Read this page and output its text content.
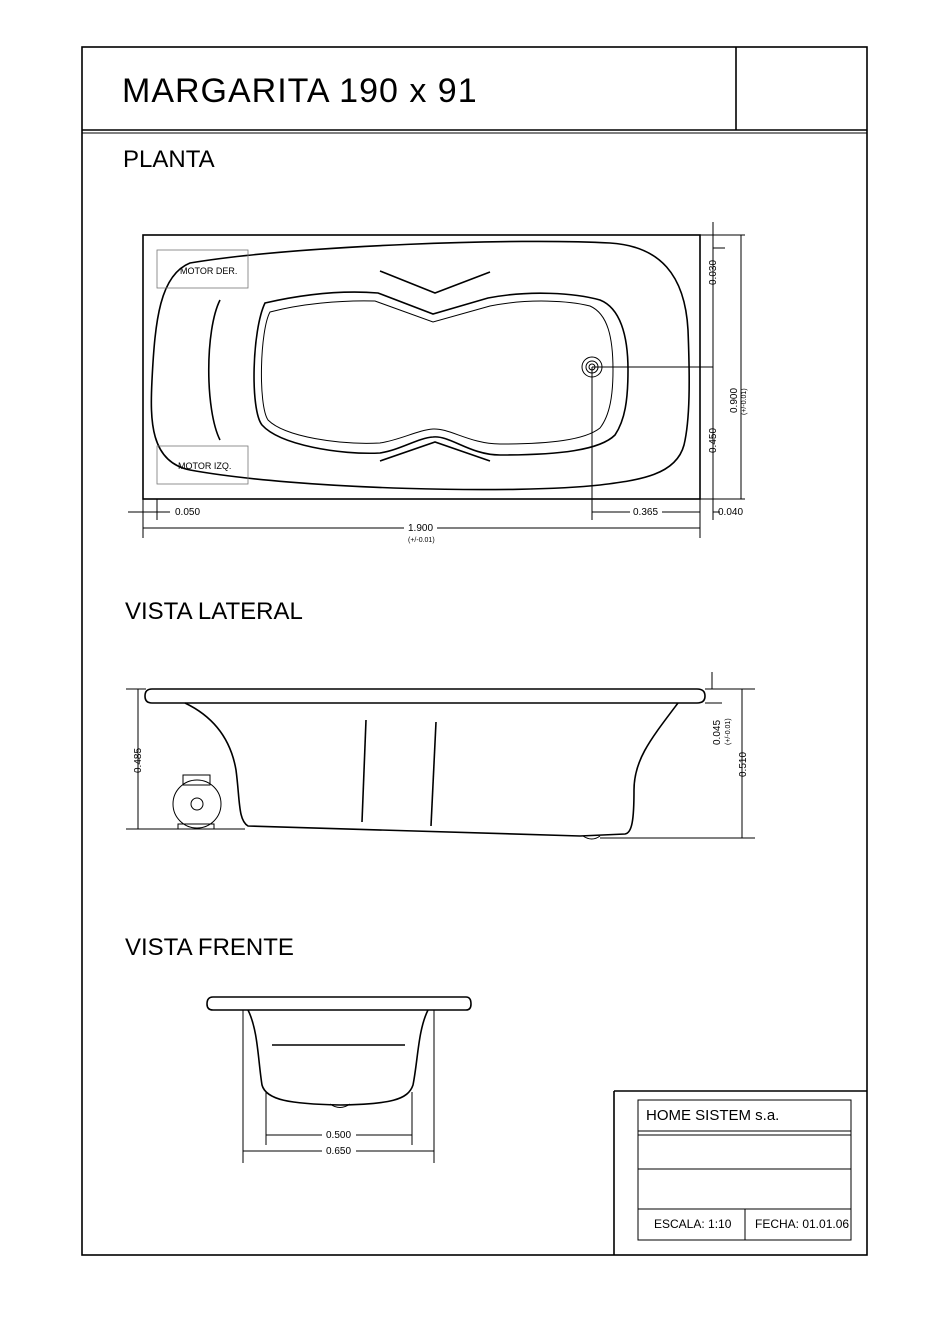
MARGARITA 190 x 91
PLANTA
VISTA LATERAL
VISTA FRENTE
MOTOR DER.
MOTOR IZQ.
0.050	0.365	0.040
1.900
(+/-0.01)
0.030
0.450
0.900 (+/-0.01)
0.485
0.045 (+/-0.01)
0.510
0.500
0.650
HOME SISTEM s.a.
ESCALA: 1:10 FECHA: 01.01.06
